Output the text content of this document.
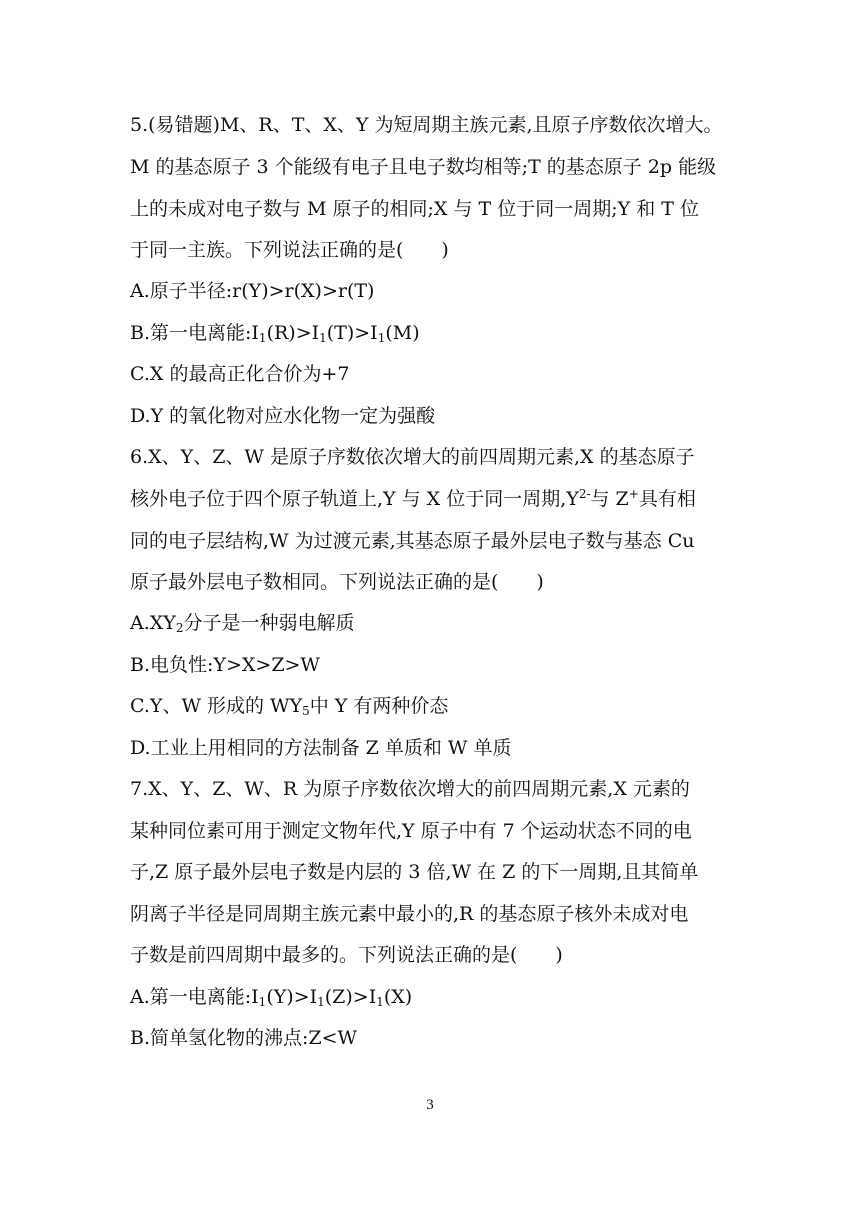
5.(易错题)M、R、T、X、Y 为短周期主族元素,且原子序数依次增大。
M 的基态原子 3 个能级有电子且电子数均相等;T 的基态原子 2p 能级
上的未成对电子数与 M 原子的相同;X 与 T 位于同一周期;Y 和 T 位
于同一主族。下列说法正确的是(　　)
A.原子半径:r(Y)>r(X)>r(T)
B.第一电离能$:I_1(R)>I_1(T)>I_1(M)$
C.X 的最高正化合价为+7
D.Y 的氧化物对应水化物一定为强酸
6.X、Y、Z、W 是原子序数依次增大的前四周期元素,X 的基态原子
核外电子位于四个原子轨道上,Y 与 X 位于同一周期$,Y^{2-}$与 Z+具有相
同的电子层结构,W 为过渡元素,其基态原子最外层电子数与基态 Cu
原子最外层电子数相同。下列说法正确的是(　　)
$A.XY_2$分子是一种弱电解质
B.电负性:Y>X>Z>W
C.Y、W 形成的 $WY_5$中 Y 有两种价态
D.工业上用相同的方法制备 Z 单质和 W 单质
7.X、Y、Z、W、R 为原子序数依次增大的前四周期元素,X 元素的
某种同位素可用于测定文物年代,Y 原子中有 7 个运动状态不同的电
子,Z 原子最外层电子数是内层的 3 倍,W 在 Z 的下一周期,且其简单
阴离子半径是同周期主族元素中最小的,R 的基态原子核外未成对电
子数是前四周期中最多的。下列说法正确的是(　　)
A.第一电离能$:I_1(Y)>I_1(Z)>I_1(X)$
B.简单氢化物的沸点:Z<W
3
